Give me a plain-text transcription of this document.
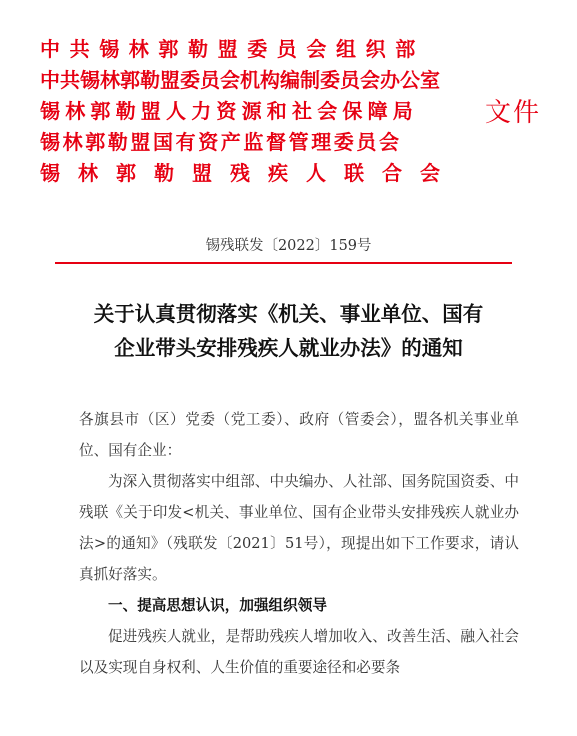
中共锡林郭勒盟委员会组织部
中共锡林郭勒盟委员会机构编制委员会办公室
锡林郭勒盟人力资源和社会保障局
锡林郭勒盟国有资产监督管理委员会
锡林郭勒盟残疾人联合会
文件
锡残联发〔2022〕159号
关于认真贯彻落实《机关、事业单位、国有
企业带头安排残疾人就业办法》的通知

各旗县市（区）党委（党工委）、政府（管委会），盟各机关事业单位、国有企业：

为深入贯彻落实中组部、中央编办、人社部、国务院国资委、中残联《关于印发<机关、事业单位、国有企业带头安排残疾人就业办法>的通知》（残联发〔2021〕51号），现提出如下工作要求，请认真抓好落实。

一、提高思想认识，加强组织领导

促进残疾人就业，是帮助残疾人增加收入、改善生活、融入社会以及实现自身权利、人生价值的重要途径和必要条
